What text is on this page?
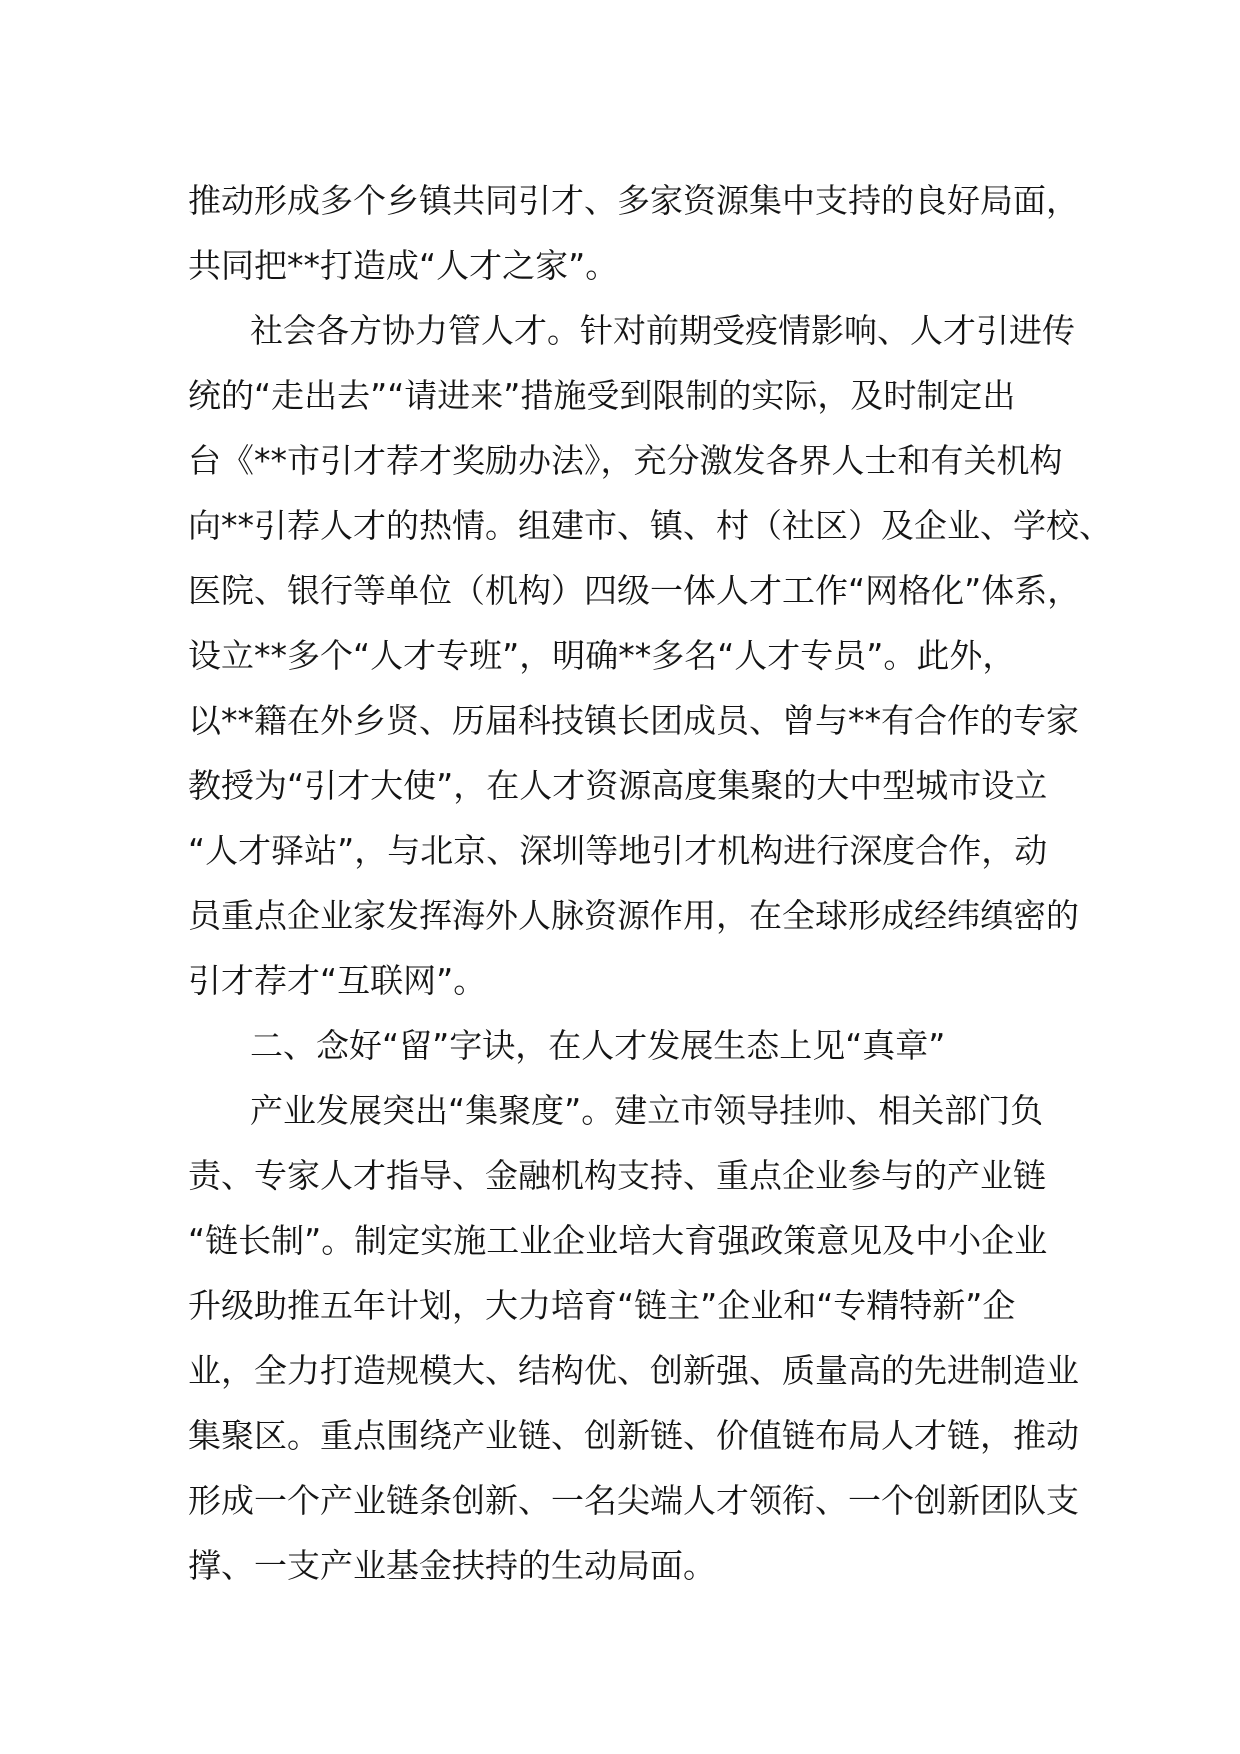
推动形成多个乡镇共同引才、多家资源集中支持的良好局面，
共同把**打造成“人才之家”。
社会各方协力管人才。针对前期受疫情影响、人才引进传
统的“走出去”“请进来”措施受到限制的实际，及时制定出
台《**市引才荐才奖励办法》，充分激发各界人士和有关机构
向**引荐人才的热情。组建市、镇、村（社区）及企业、学校、
医院、银行等单位（机构）四级一体人才工作“网格化”体系，
设立**多个“人才专班”，明确**多名“人才专员”。此外，
以**籍在外乡贤、历届科技镇长团成员、曾与**有合作的专家
教授为“引才大使”，在人才资源高度集聚的大中型城市设立
“人才驿站”，与北京、深圳等地引才机构进行深度合作，动
员重点企业家发挥海外人脉资源作用，在全球形成经纬缜密的
引才荐才“互联网”。
二、念好“留”字诀，在人才发展生态上见“真章”
产业发展突出“集聚度”。建立市领导挂帅、相关部门负
责、专家人才指导、金融机构支持、重点企业参与的产业链
“链长制”。制定实施工业企业培大育强政策意见及中小企业
升级助推五年计划，大力培育“链主”企业和“专精特新”企
业，全力打造规模大、结构优、创新强、质量高的先进制造业
集聚区。重点围绕产业链、创新链、价值链布局人才链，推动
形成一个产业链条创新、一名尖端人才领衔、一个创新团队支
撑、一支产业基金扶持的生动局面。
